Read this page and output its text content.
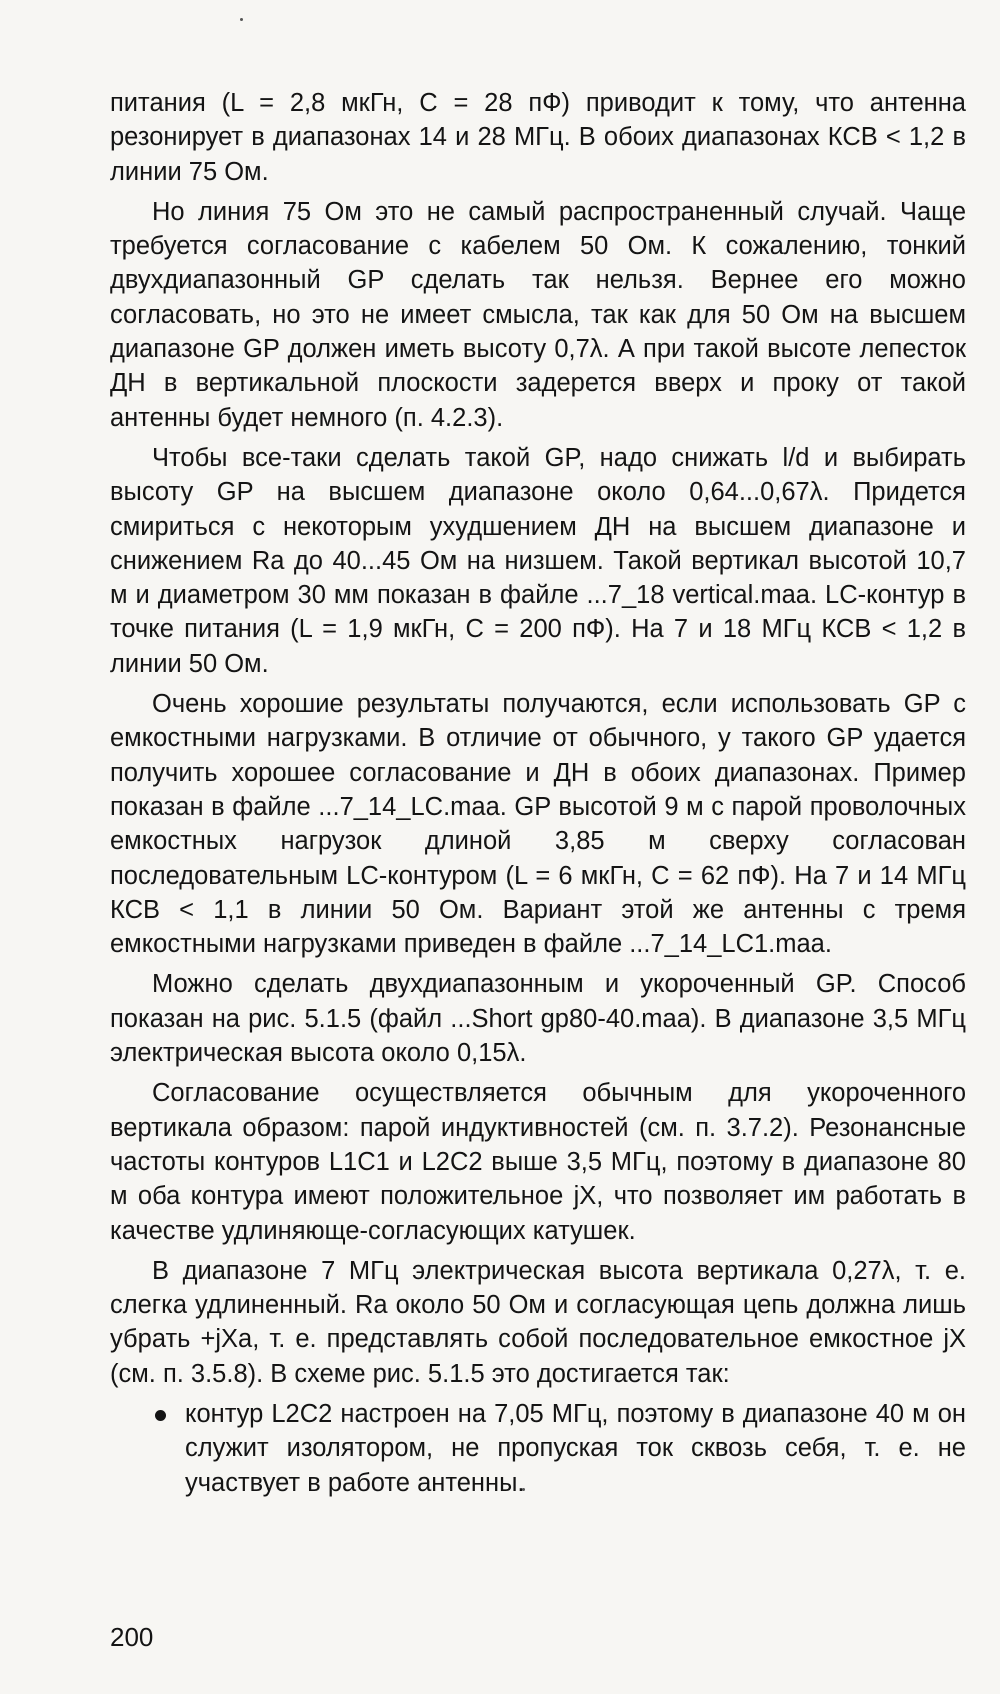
питания (L = 2,8 мкГн, C = 28 пФ) приводит к тому, что антенна резонирует в диапазонах 14 и 28 МГц. В обоих диапазонах КСВ < 1,2 в линии 75 Ом.

Но линия 75 Ом это не самый распространенный случай. Чаще требуется согласование с кабелем 50 Ом. К сожалению, тонкий двухдиапазонный GP сделать так нельзя. Вернее его можно согласовать, но это не имеет смысла, так как для 50 Ом на высшем диапазоне GP должен иметь высоту 0,7λ. А при такой высоте лепесток ДН в вертикальной плоскости задерется вверх и проку от такой антенны будет немного (п. 4.2.3).

Чтобы все-таки сделать такой GP, надо снижать l/d и выбирать высоту GP на высшем диапазоне около 0,64...0,67λ. Придется смириться с некоторым ухудшением ДН на высшем диапазоне и снижением Ra до 40...45 Ом на низшем. Такой вертикал высотой 10,7 м и диаметром 30 мм показан в файле ...7_18 vertical.maa. LC-контур в точке питания (L = 1,9 мкГн, C = 200 пФ). На 7 и 18 МГц КСВ < 1,2 в линии 50 Ом.

Очень хорошие результаты получаются, если использовать GP с емкостными нагрузками. В отличие от обычного, у такого GP удается получить хорошее согласование и ДН в обоих диапазонах. Пример показан в файле ...7_14_LC.maa. GP высотой 9 м с парой проволочных емкостных нагрузок длиной 3,85 м сверху согласован последовательным LC-контуром (L = 6 мкГн, C = 62 пФ). На 7 и 14 МГц КСВ < 1,1 в линии 50 Ом. Вариант этой же антенны с тремя емкостными нагрузками приведен в файле ...7_14_LC1.maa.

Можно сделать двухдиапазонным и укороченный GP. Способ показан на рис. 5.1.5 (файл ...Short gp80-40.maa). В диапазоне 3,5 МГц электрическая высота около 0,15λ.

Согласование осуществляется обычным для укороченного вертикала образом: парой индуктивностей (см. п. 3.7.2). Резонансные частоты контуров L1C1 и L2C2 выше 3,5 МГц, поэтому в диапазоне 80 м оба контура имеют положительное jX, что позволяет им работать в качестве удлиняюще-согласующих катушек.

В диапазоне 7 МГц электрическая высота вертикала 0,27λ, т. е. слегка удлиненный. Ra около 50 Ом и согласующая цепь должна лишь убрать +jXa, т. е. представлять собой последовательное емкостное jX (см. п. 3.5.8). В схеме рис. 5.1.5 это достигается так:

контур L2C2 настроен на 7,05 МГц, поэтому в диапазоне 40 м он служит изолятором, не пропуская ток сквозь себя, т. е. не участвует в работе антенны.
200
